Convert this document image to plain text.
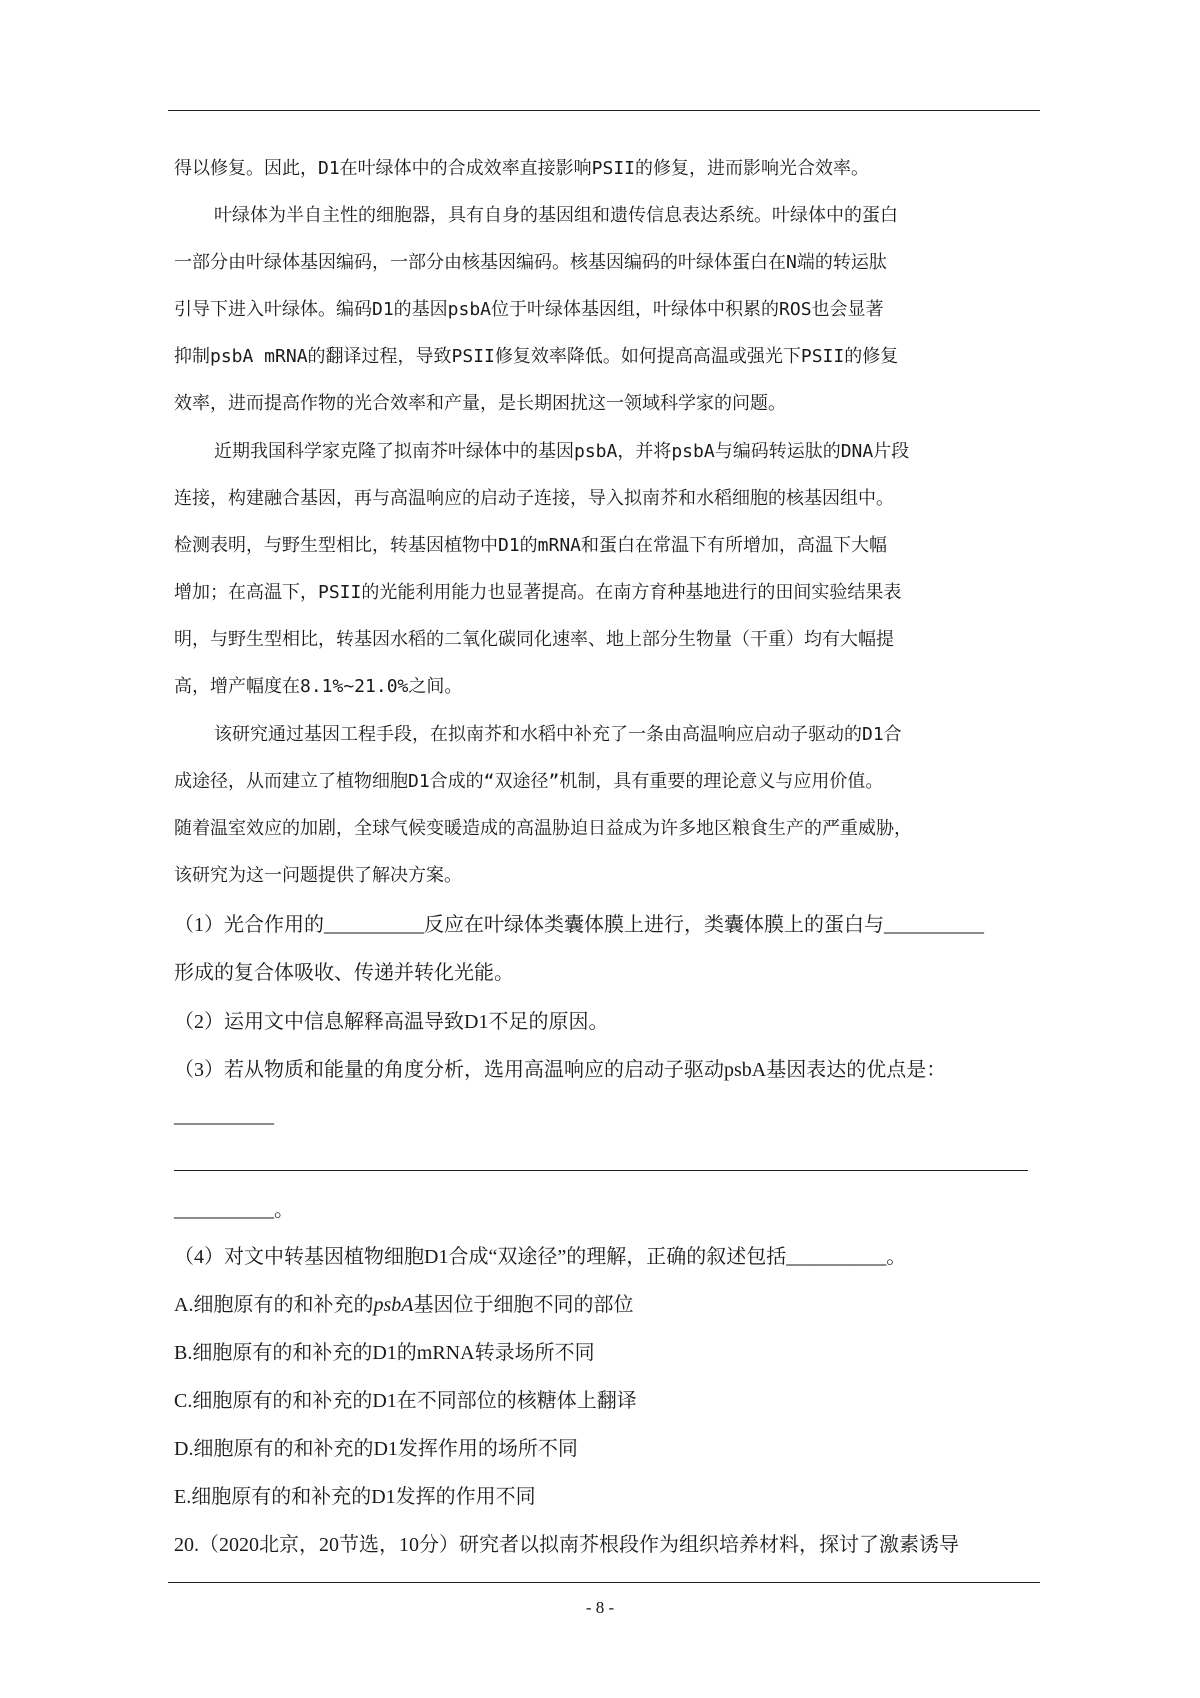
得以修复。因此，D1在叶绿体中的合成效率直接影响PSII的修复，进而影响光合效率。
叶绿体为半自主性的细胞器，具有自身的基因组和遗传信息表达系统。叶绿体中的蛋白
一部分由叶绿体基因编码，一部分由核基因编码。核基因编码的叶绿体蛋白在N端的转运肽
引导下进入叶绿体。编码D1的基因psbA位于叶绿体基因组，叶绿体中积累的ROS也会显著
抑制psbA mRNA的翻译过程，导致PSII修复效率降低。如何提高高温或强光下PSII的修复
效率，进而提高作物的光合效率和产量，是长期困扰这一领域科学家的问题。
近期我国科学家克隆了拟南芥叶绿体中的基因psbA，并将psbA与编码转运肽的DNA片段
连接，构建融合基因，再与高温响应的启动子连接，导入拟南芥和水稻细胞的核基因组中。
检测表明，与野生型相比，转基因植物中D1的mRNA和蛋白在常温下有所增加，高温下大幅
增加；在高温下，PSII的光能利用能力也显著提高。在南方育种基地进行的田间实验结果表
明，与野生型相比，转基因水稻的二氧化碳同化速率、地上部分生物量（干重）均有大幅提
高，增产幅度在8.1%~21.0%之间。
该研究通过基因工程手段，在拟南芥和水稻中补充了一条由高温响应启动子驱动的D1合
成途径，从而建立了植物细胞D1合成的“双途径”机制，具有重要的理论意义与应用价值。
随着温室效应的加剧，全球气候变暖造成的高温胁迫日益成为许多地区粮食生产的严重威胁，
该研究为这一问题提供了解决方案。
（1）光合作用的__________反应在叶绿体类囊体膜上进行，类囊体膜上的蛋白与__________
形成的复合体吸收、传递并转化光能。
（2）运用文中信息解释高温导致D1不足的原因。
（3）若从物质和能量的角度分析，选用高温响应的启动子驱动psbA基因表达的优点是：
__________
__________。
（4）对文中转基因植物细胞D1合成“双途径”的理解，正确的叙述包括__________。
A.细胞原有的和补充的psbA基因位于细胞不同的部位
B.细胞原有的和补充的D1的mRNA转录场所不同
C.细胞原有的和补充的D1在不同部位的核糖体上翻译
D.细胞原有的和补充的D1发挥作用的场所不同
E.细胞原有的和补充的D1发挥的作用不同
20.（2020北京，20节选，10分）研究者以拟南芥根段作为组织培养材料，探讨了激素诱导
- 8 -
